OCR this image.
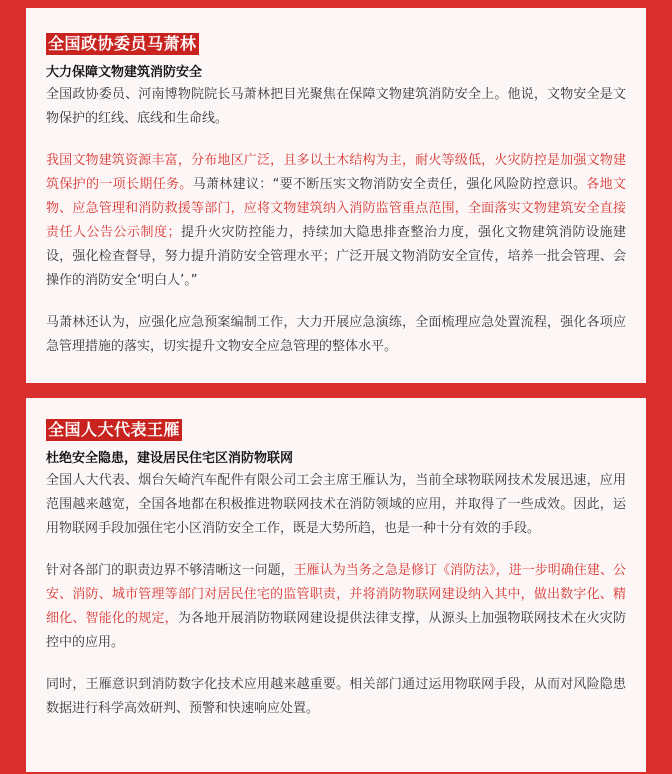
全国政协委员马萧林
大力保障文物建筑消防安全

全国政协委员、河南博物院院长马萧林把目光聚焦在保障文物建筑消防安全上。他说，文物安全是文物保护的红线、底线和生命线。

我国文物建筑资源丰富，分布地区广泛，且多以土木结构为主，耐火等级低，火灾防控是加强文物建筑保护的一项长期任务。马萧林建议：“要不断压实文物消防安全责任，强化风险防控意识。各地文物、应急管理和消防救援等部门，应将文物建筑纳入消防监管重点范围，全面落实文物建筑安全直接责任人公告公示制度；提升火灾防控能力，持续加大隐患排查整治力度，强化文物建筑消防设施建设，强化检查督导，努力提升消防安全管理水平；广泛开展文物消防安全宣传，培养一批会管理、会操作的消防安全‘明白人’。”

马萧林还认为，应强化应急预案编制工作，大力开展应急演练，全面梳理应急处置流程，强化各项应急管理措施的落实，切实提升文物安全应急管理的整体水平。

全国人大代表王雁
杜绝安全隐患，建设居民住宅区消防物联网

全国人大代表、烟台矢崎汽车配件有限公司工会主席王雁认为，当前全球物联网技术发展迅速，应用范围越来越宽，全国各地都在积极推进物联网技术在消防领域的应用，并取得了一些成效。因此，运用物联网手段加强住宅小区消防安全工作，既是大势所趋，也是一种十分有效的手段。

针对各部门的职责边界不够清晰这一问题，王雁认为当务之急是修订《消防法》，进一步明确住建、公安、消防、城市管理等部门对居民住宅的监管职责，并将消防物联网建设纳入其中，做出数字化、精细化、智能化的规定，为各地开展消防物联网建设提供法律支撑，从源头上加强物联网技术在火灾防控中的应用。

同时，王雁意识到消防数字化技术应用越来越重要。相关部门通过运用物联网手段，从而对风险隐患数据进行科学高效研判、预警和快速响应处置。
